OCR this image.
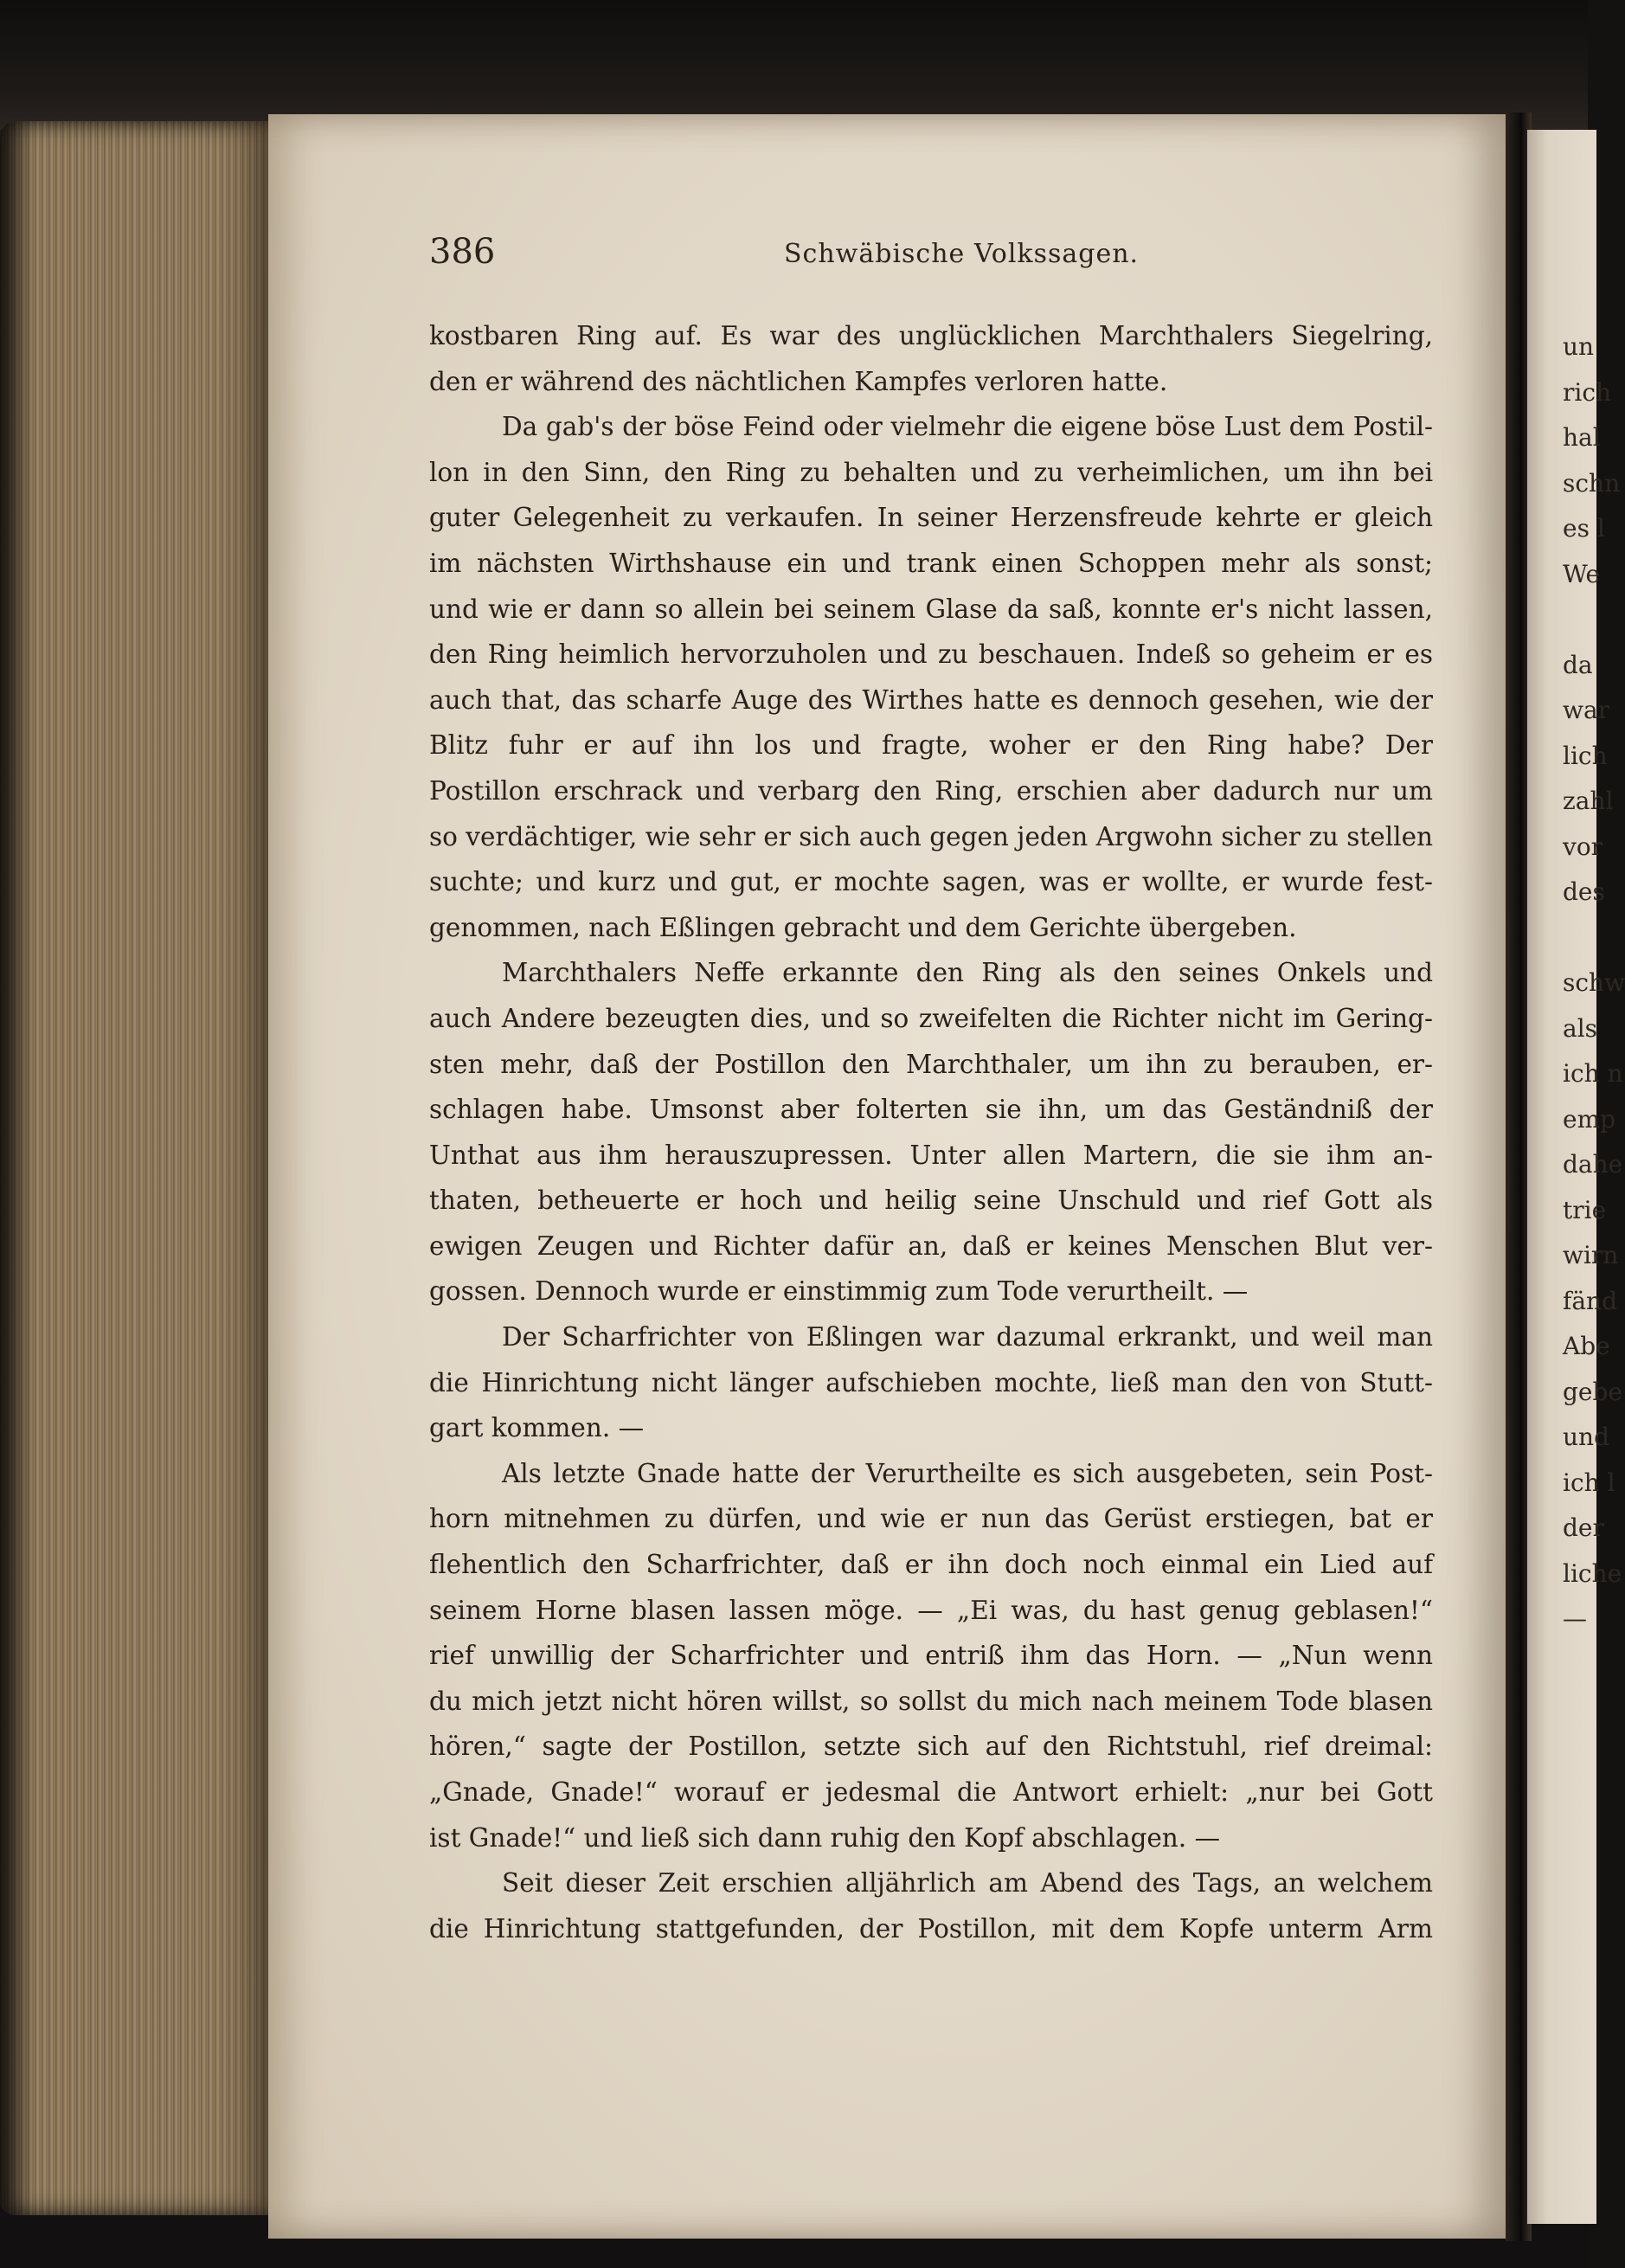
un
rich
hal
schn
es l
We
da
war
lich
zahl
vor
des
schw
als
ich n
emp
dahe
trie
wirn
fänd
Abe
gebe
und
ich l
der
liche
—
386	Schwäbische Volkssagen.
kostbaren Ring auf. Es war des unglücklichen Marchthalers Siegelring,
den er während des nächtlichen Kampfes verloren hatte.
Da gab's der böse Feind oder vielmehr die eigene böse Lust dem Postil-
lon in den Sinn, den Ring zu behalten und zu verheimlichen, um ihn bei
guter Gelegenheit zu verkaufen. In seiner Herzensfreude kehrte er gleich
im nächsten Wirthshause ein und trank einen Schoppen mehr als sonst;
und wie er dann so allein bei seinem Glase da saß, konnte er's nicht lassen,
den Ring heimlich hervorzuholen und zu beschauen. Indeß so geheim er es
auch that, das scharfe Auge des Wirthes hatte es dennoch gesehen, wie der
Blitz fuhr er auf ihn los und fragte, woher er den Ring habe? Der
Postillon erschrack und verbarg den Ring, erschien aber dadurch nur um
so verdächtiger, wie sehr er sich auch gegen jeden Argwohn sicher zu stellen
suchte; und kurz und gut, er mochte sagen, was er wollte, er wurde fest-
genommen, nach Eßlingen gebracht und dem Gerichte übergeben.
Marchthalers Neffe erkannte den Ring als den seines Onkels und
auch Andere bezeugten dies, und so zweifelten die Richter nicht im Gering-
sten mehr, daß der Postillon den Marchthaler, um ihn zu berauben, er-
schlagen habe. Umsonst aber folterten sie ihn, um das Geständniß der
Unthat aus ihm herauszupressen. Unter allen Martern, die sie ihm an-
thaten, betheuerte er hoch und heilig seine Unschuld und rief Gott als
ewigen Zeugen und Richter dafür an, daß er keines Menschen Blut ver-
gossen. Dennoch wurde er einstimmig zum Tode verurtheilt. —
Der Scharfrichter von Eßlingen war dazumal erkrankt, und weil man
die Hinrichtung nicht länger aufschieben mochte, ließ man den von Stutt-
gart kommen. —
Als letzte Gnade hatte der Verurtheilte es sich ausgebeten, sein Post-
horn mitnehmen zu dürfen, und wie er nun das Gerüst erstiegen, bat er
flehentlich den Scharfrichter, daß er ihn doch noch einmal ein Lied auf
seinem Horne blasen lassen möge. — „Ei was, du hast genug geblasen!“
rief unwillig der Scharfrichter und entriß ihm das Horn. — „Nun wenn
du mich jetzt nicht hören willst, so sollst du mich nach meinem Tode blasen
hören,“ sagte der Postillon, setzte sich auf den Richtstuhl, rief dreimal:
„Gnade, Gnade!“ worauf er jedesmal die Antwort erhielt: „nur bei Gott
ist Gnade!“ und ließ sich dann ruhig den Kopf abschlagen. —
Seit dieser Zeit erschien alljährlich am Abend des Tags, an welchem
die Hinrichtung stattgefunden, der Postillon, mit dem Kopfe unterm Arm
